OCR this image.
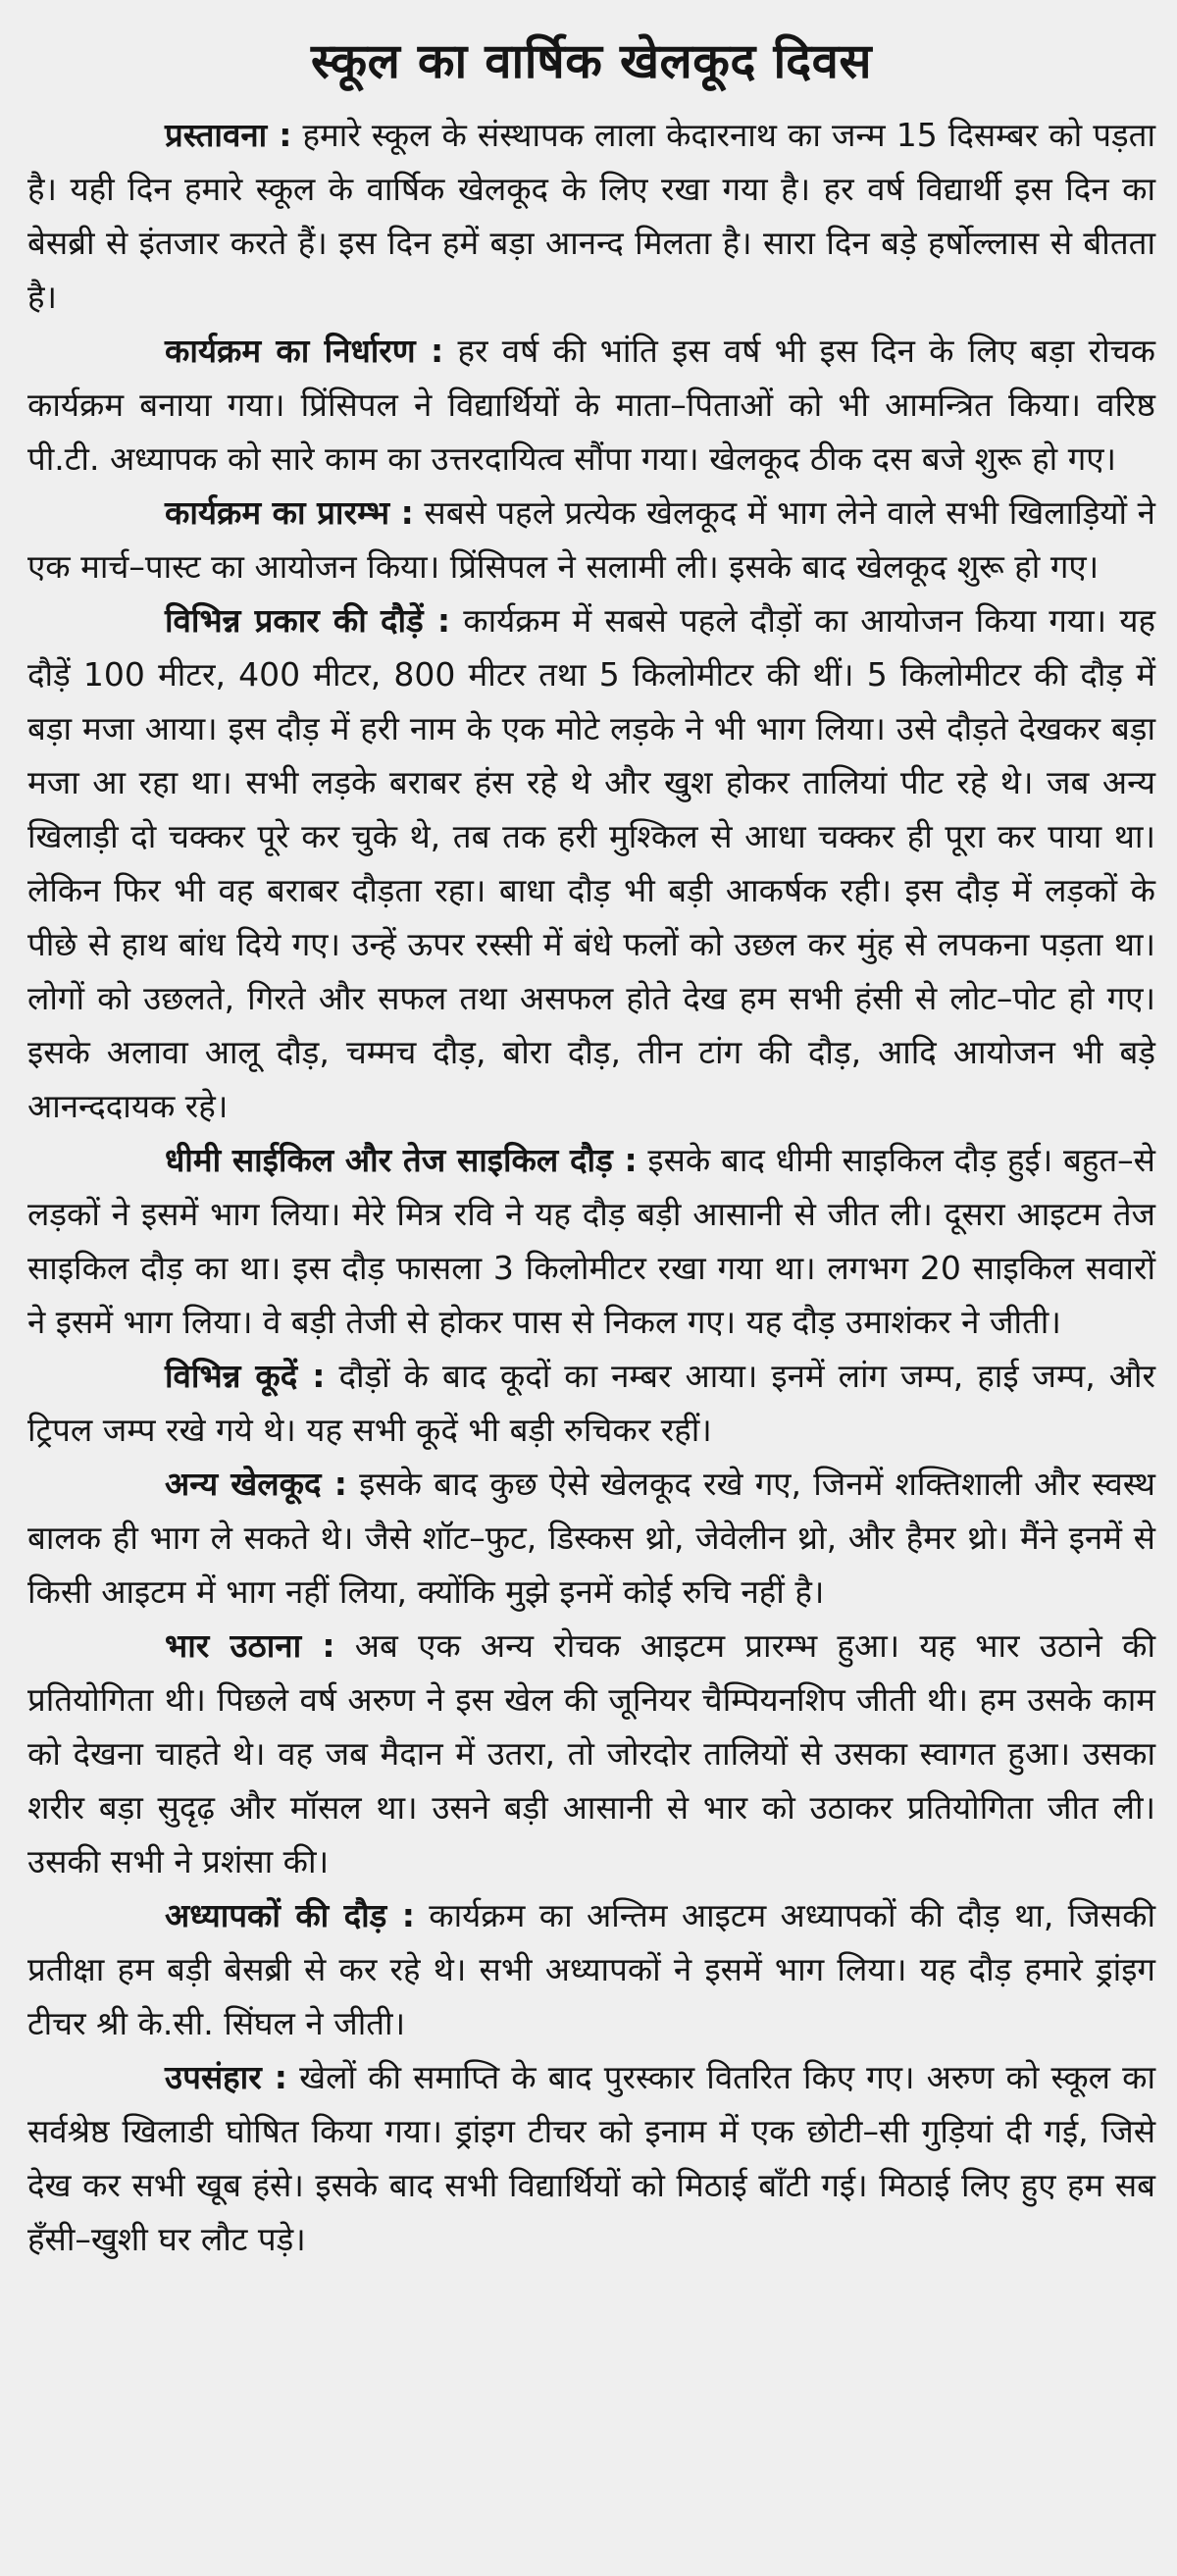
स्कूल का वार्षिक खेलकूद दिवस

प्रस्तावना : हमारे स्कूल के संस्थापक लाला केदारनाथ का जन्म 15 दिसम्बर को पड़ता है। यही दिन हमारे स्कूल के वार्षिक खेलकूद के लिए रखा गया है। हर वर्ष विद्यार्थी इस दिन का बेसब्री से इंतजार करते हैं। इस दिन हमें बड़ा आनन्द मिलता है। सारा दिन बड़े हर्षोल्लास से बीतता है।

कार्यक्रम का निर्धारण : हर वर्ष की भांति इस वर्ष भी इस दिन के लिए बड़ा रोचक कार्यक्रम बनाया गया। प्रिंसिपल ने विद्यार्थियों के माता–पिताओं को भी आमन्त्रित किया। वरिष्ठ पी.टी. अध्यापक को सारे काम का उत्तरदायित्व सौंपा गया। खेलकूद ठीक दस बजे शुरू हो गए।

कार्यक्रम का प्रारम्भ : सबसे पहले प्रत्येक खेलकूद में भाग लेने वाले सभी खिलाड़ियों ने एक मार्च–पास्ट का आयोजन किया। प्रिंसिपल ने सलामी ली। इसके बाद खेलकूद शुरू हो गए।

विभिन्न प्रकार की दौड़ें : कार्यक्रम में सबसे पहले दौड़ों का आयोजन किया गया। यह दौड़ें 100 मीटर, 400 मीटर, 800 मीटर तथा 5 किलोमीटर की थीं। 5 किलोमीटर की दौड़ में बड़ा मजा आया। इस दौड़ में हरी नाम के एक मोटे लड़के ने भी भाग लिया। उसे दौड़ते देखकर बड़ा मजा आ रहा था। सभी लड़के बराबर हंस रहे थे और खुश होकर तालियां पीट रहे थे। जब अन्य खिलाड़ी दो चक्कर पूरे कर चुके थे, तब तक हरी मुश्किल से आधा चक्कर ही पूरा कर पाया था। लेकिन फिर भी वह बराबर दौड़ता रहा। बाधा दौड़ भी बड़ी आकर्षक रही। इस दौड़ में लड़कों के पीछे से हाथ बांध दिये गए। उन्हें ऊपर रस्सी में बंधे फलों को उछल कर मुंह से लपकना पड़ता था। लोगों को उछलते, गिरते और सफल तथा असफल होते देख हम सभी हंसी से लोट–पोट हो गए। इसके अलावा आलू दौड़, चम्मच दौड़, बोरा दौड़, तीन टांग की दौड़, आदि आयोजन भी बड़े आनन्ददायक रहे।

धीमी साईकिल और तेज साइकिल दौड़ : इसके बाद धीमी साइकिल दौड़ हुई। बहुत–से लड़कों ने इसमें भाग लिया। मेरे मित्र रवि ने यह दौड़ बड़ी आसानी से जीत ली। दूसरा आइटम तेज साइकिल दौड़ का था। इस दौड़ फासला 3 किलोमीटर रखा गया था। लगभग 20 साइकिल सवारों ने इसमें भाग लिया। वे बड़ी तेजी से होकर पास से निकल गए। यह दौड़ उमाशंकर ने जीती।

विभिन्न कूदें : दौड़ों के बाद कूदों का नम्बर आया। इनमें लांग जम्प, हाई जम्प, और ट्रिपल जम्प रखे गये थे। यह सभी कूदें भी बड़ी रुचिकर रहीं।

अन्य खेलकूद : इसके बाद कुछ ऐसे खेलकूद रखे गए, जिनमें शक्तिशाली और स्वस्थ बालक ही भाग ले सकते थे। जैसे शॉट–फुट, डिस्कस थ्रो, जेवेलीन थ्रो, और हैमर थ्रो। मैंने इनमें से किसी आइटम में भाग नहीं लिया, क्योंकि मुझे इनमें कोई रुचि नहीं है।

भार उठाना : अब एक अन्य रोचक आइटम प्रारम्भ हुआ। यह भार उठाने की प्रतियोगिता थी। पिछले वर्ष अरुण ने इस खेल की जूनियर चैम्पियनशिप जीती थी। हम उसके काम को देखना चाहते थे। वह जब मैदान में उतरा, तो जोरदोर तालियों से उसका स्वागत हुआ। उसका शरीर बड़ा सुदृढ़ और मॉसल था। उसने बड़ी आसानी से भार को उठाकर प्रतियोगिता जीत ली। उसकी सभी ने प्रशंसा की।

अध्यापकों की दौड़ : कार्यक्रम का अन्तिम आइटम अध्यापकों की दौड़ था, जिसकी प्रतीक्षा हम बड़ी बेसब्री से कर रहे थे। सभी अध्यापकों ने इसमें भाग लिया। यह दौड़ हमारे ड्रांइग टीचर श्री के.सी. सिंघल ने जीती।

उपसंहार : खेलों की समाप्ति के बाद पुरस्कार वितरित किए गए। अरुण को स्कूल का सर्वश्रेष्ठ खिलाडी घोषित किया गया। ड्रांइग टीचर को इनाम में एक छोटी–सी गुड़ियां दी गई, जिसे देख कर सभी खूब हंसे। इसके बाद सभी विद्यार्थियों को मिठाई बाँटी गई। मिठाई लिए हुए हम सब हँसी–खुशी घर लौट पड़े।
